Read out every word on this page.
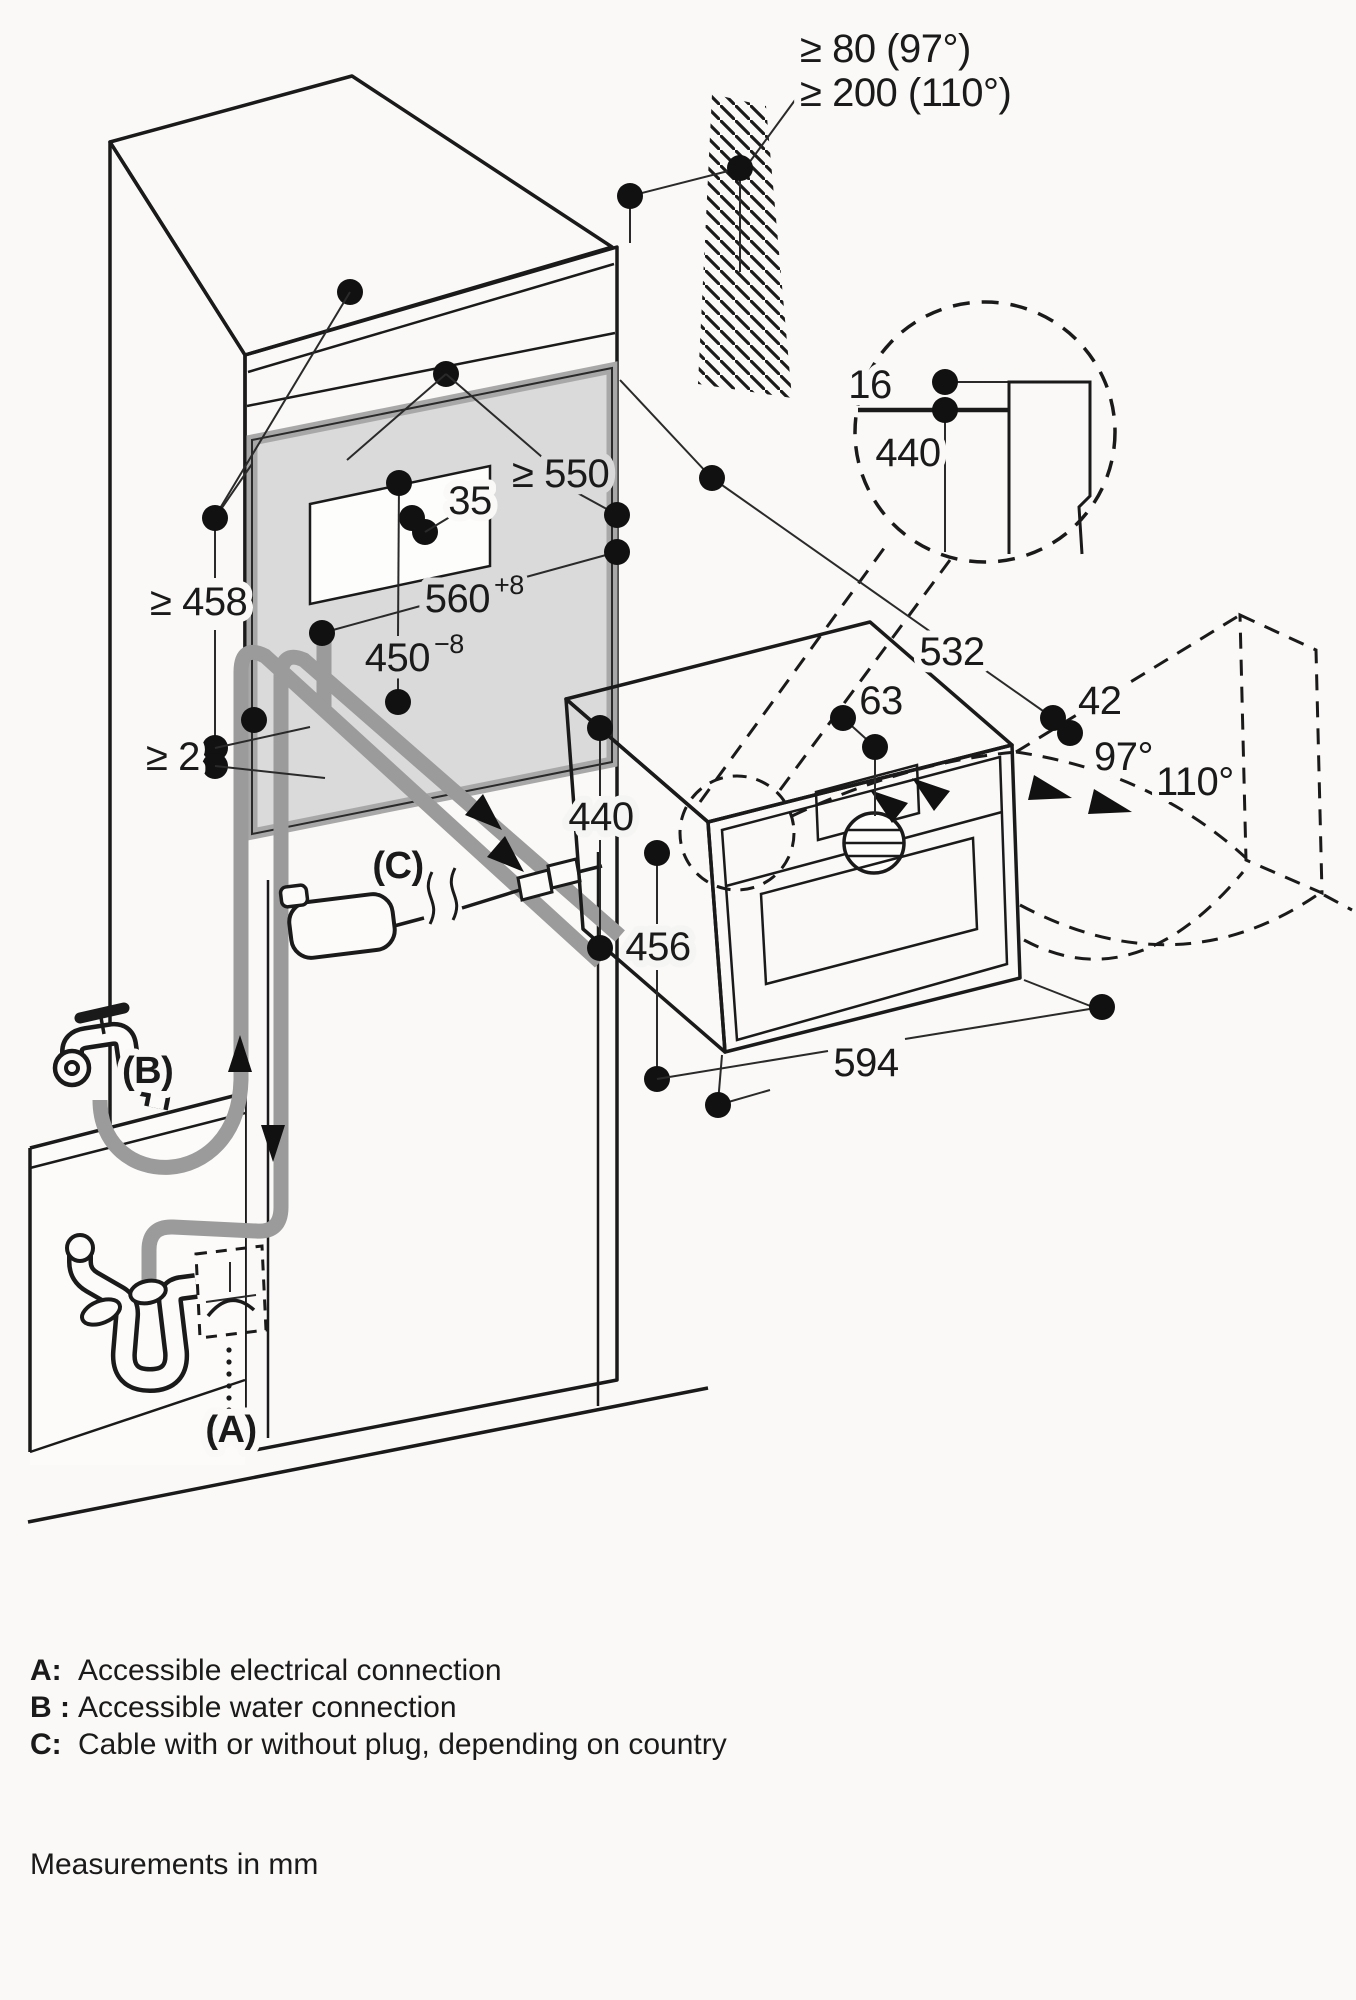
≥ 80 (97°)
≥ 200 (110°)
16
440
35
≥ 550
560 +8
450 −8
≥ 458
≥ 2
532
42
97°
110°
63
440
456
594
(C)
(B)
(A)
A: Accessible electrical connection
B : Accessible water connection
C: Cable with or without plug, depending on country
Measurements in mm
